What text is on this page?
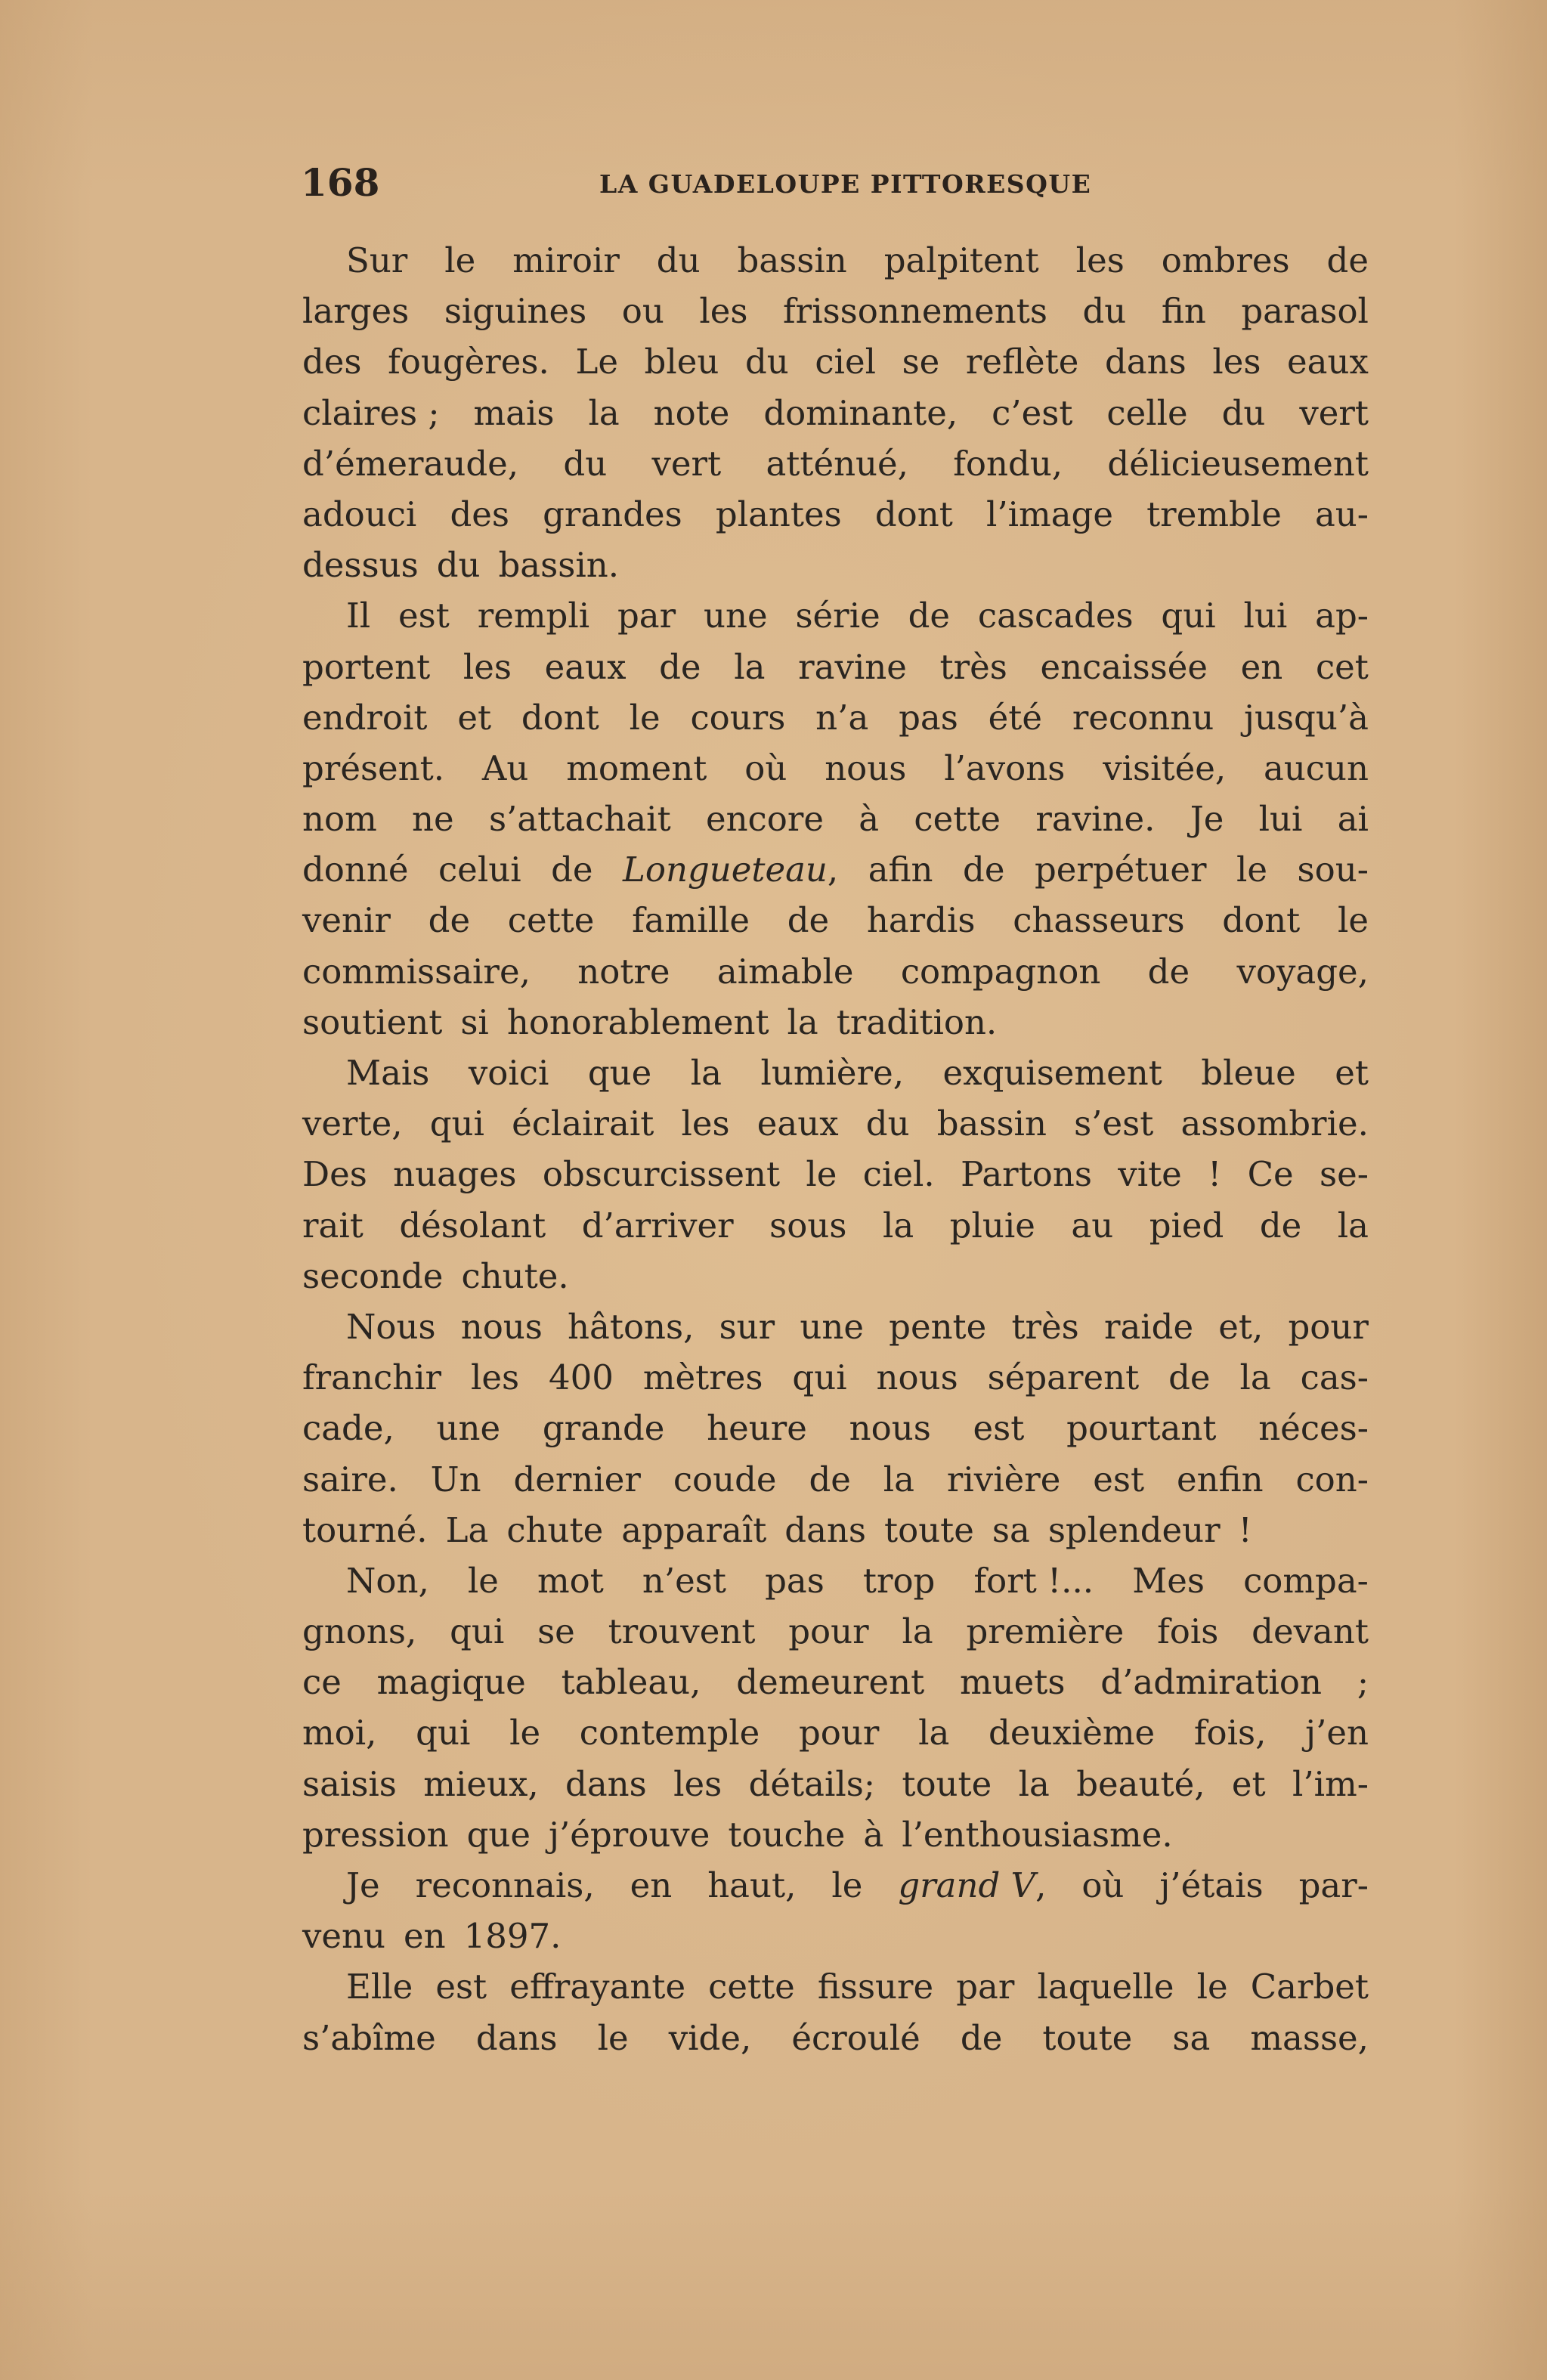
168	LA GUADELOUPE PITTORESQUE
Sur le miroir du bassin palpitent les ombres de
larges siguines ou les frissonnements du fin parasol
des fougères. Le bleu du ciel se reflète dans les eaux
claires ; mais la note dominante, c’est celle du vert
d’émeraude, du vert atténué, fondu, délicieusement
adouci des grandes plantes dont l’image tremble au-
dessus du bassin.
Il est rempli par une série de cascades qui lui ap-
portent les eaux de la ravine très encaissée en cet
endroit et dont le cours n’a pas été reconnu jusqu’à
présent. Au moment où nous l’avons visitée, aucun
nom ne s’attachait encore à cette ravine. Je lui ai
donné celui de Longueteau, afin de perpétuer le sou-
venir de cette famille de hardis chasseurs dont le
commissaire, notre aimable compagnon de voyage,
soutient si honorablement la tradition.
Mais voici que la lumière, exquisement bleue et
verte, qui éclairait les eaux du bassin s’est assombrie.
Des nuages obscurcissent le ciel. Partons vite ! Ce se-
rait désolant d’arriver sous la pluie au pied de la
seconde chute.
Nous nous hâtons, sur une pente très raide et, pour
franchir les 400 mètres qui nous séparent de la cas-
cade, une grande heure nous est pourtant néces-
saire. Un dernier coude de la rivière est enfin con-
tourné. La chute apparaît dans toute sa splendeur !
Non, le mot n’est pas trop fort !... Mes compa-
gnons, qui se trouvent pour la première fois devant
ce magique tableau, demeurent muets d’admiration ;
moi, qui le contemple pour la deuxième fois, j’en
saisis mieux, dans les détails; toute la beauté, et l’im-
pression que j’éprouve touche à l’enthousiasme.
Je reconnais, en haut, le grand V, où j’étais par-
venu en 1897.
Elle est effrayante cette fissure par laquelle le Carbet
s’abîme dans le vide, écroulé de toute sa masse,
